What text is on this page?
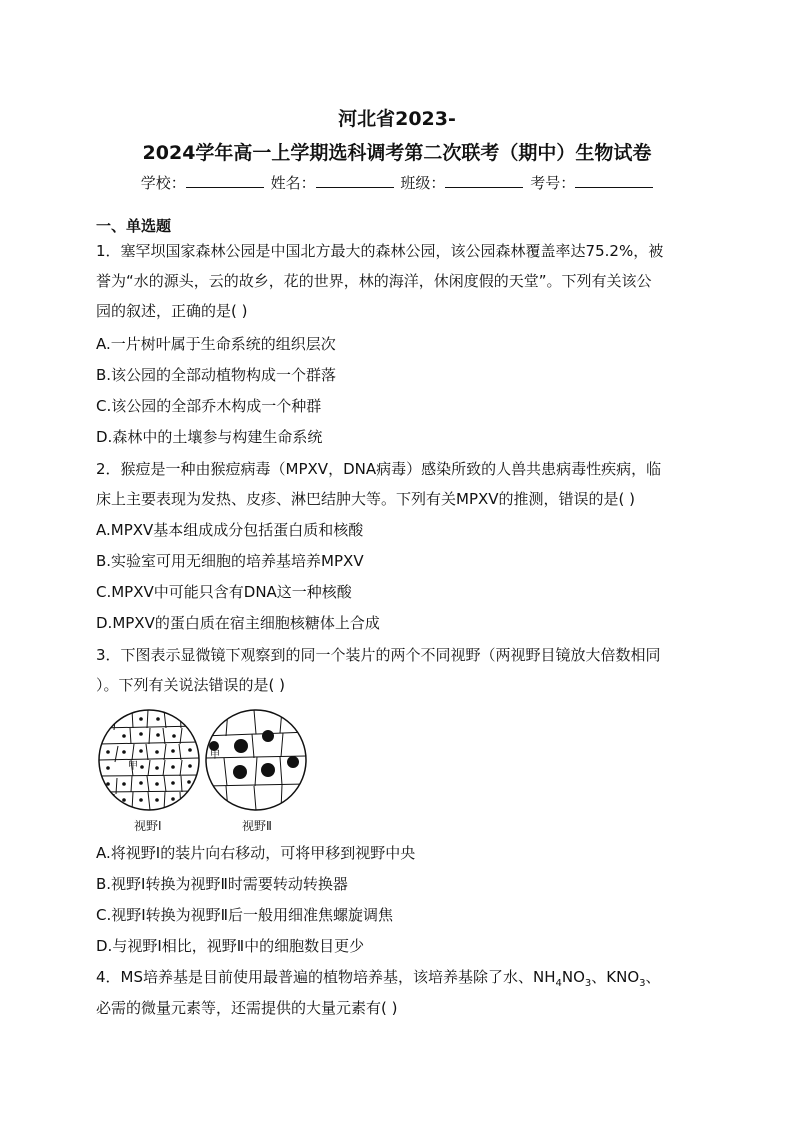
河北省2023-
2024学年高一上学期选科调考第二次联考（期中）生物试卷
学校：	姓名：	班级：	考号：
一、单选题
1．塞罕坝国家森林公园是中国北方最大的森林公园，该公园森林覆盖率达75.2%，被
誉为“水的源头，云的故乡，花的世界，林的海洋，休闲度假的天堂”。下列有关该公
园的叙述，正确的是( )
A.一片树叶属于生命系统的组织层次
B.该公园的全部动植物构成一个群落
C.该公园的全部乔木构成一个种群
D.森林中的土壤参与构建生命系统
2．猴痘是一种由猴痘病毒（MPXV，DNA病毒）感染所致的人兽共患病毒性疾病，临
床上主要表现为发热、皮疹、淋巴结肿大等。下列有关MPXV的推测，错误的是( )
A.MPXV基本组成成分包括蛋白质和核酸
B.实验室可用无细胞的培养基培养MPXV
C.MPXV中可能只含有DNA这一种核酸
D.MPXV的蛋白质在宿主细胞核糖体上合成
3．下图表示显微镜下观察到的同一个装片的两个不同视野（两视野目镜放大倍数相同
）。下列有关说法错误的是( )
甲
甲
视野Ⅰ	视野Ⅱ
A.将视野Ⅰ的装片向右移动，可将甲移到视野中央
B.视野Ⅰ转换为视野Ⅱ时需要转动转换器
C.视野Ⅰ转换为视野Ⅱ后一般用细准焦螺旋调焦
D.与视野Ⅰ相比，视野Ⅱ中的细胞数目更少
4．MS培养基是目前使用最普遍的植物培养基，该培养基除了水、$NH_4NO_3$、$KNO_3$、
必需的微量元素等，还需提供的大量元素有( )
